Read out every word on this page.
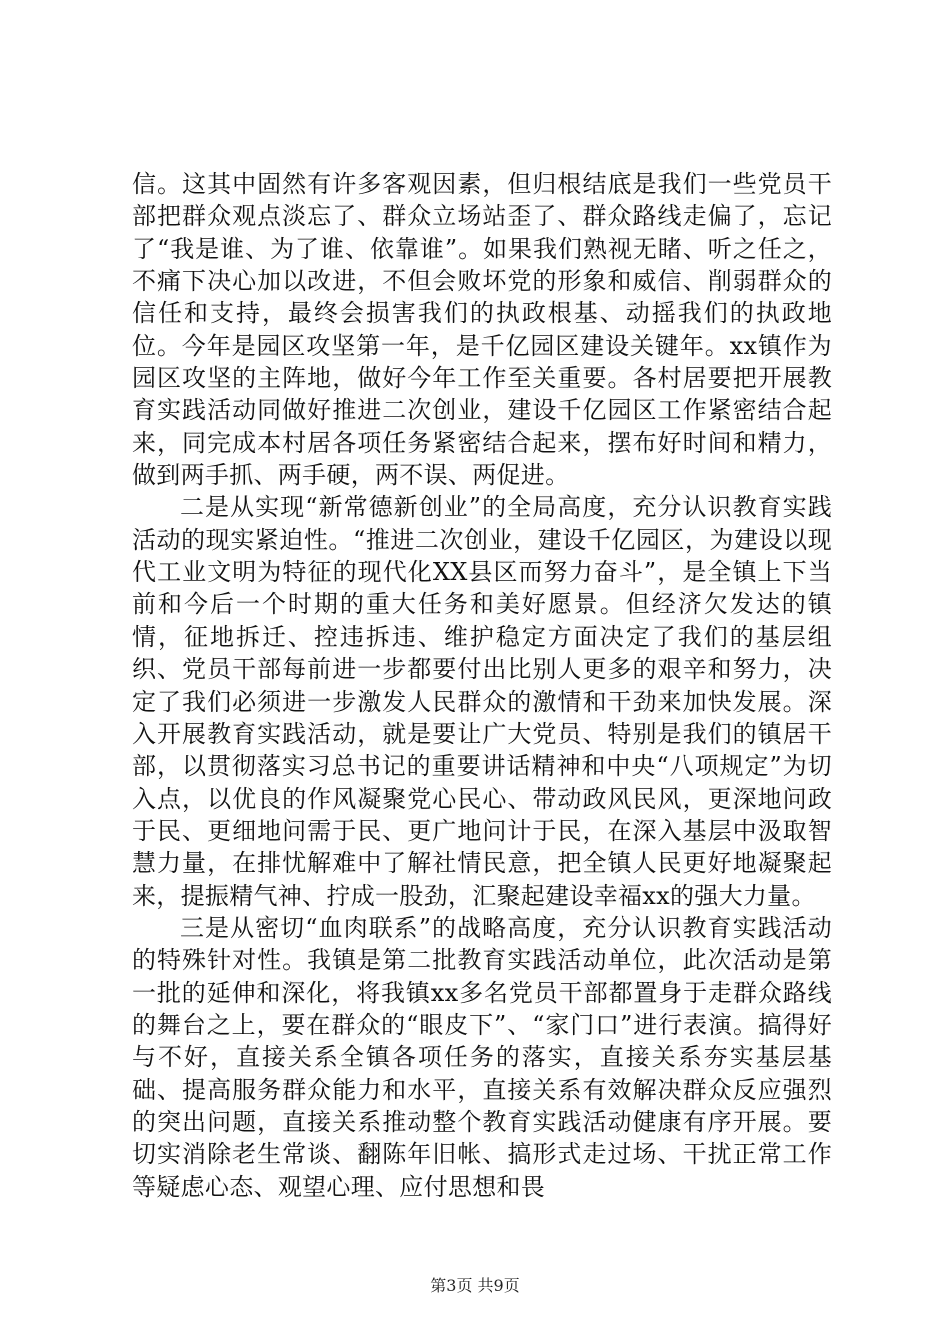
信。这其中固然有许多客观因素，但归根结底是我们一些党员干部把群众观点淡忘了、群众立场站歪了、群众路线走偏了，忘记了“我是谁、为了谁、依靠谁”。如果我们熟视无睹、听之任之，不痛下决心加以改进，不但会败坏党的形象和威信、削弱群众的信任和支持，最终会损害我们的执政根基、动摇我们的执政地位。今年是园区攻坚第一年，是千亿园区建设关键年。xx镇作为园区攻坚的主阵地，做好今年工作至关重要。各村居要把开展教育实践活动同做好推进二次创业，建设千亿园区工作紧密结合起来，同完成本村居各项任务紧密结合起来，摆布好时间和精力，做到两手抓、两手硬，两不误、两促进。

二是从实现“新常德新创业”的全局高度，充分认识教育实践活动的现实紧迫性。“推进二次创业，建设千亿园区，为建设以现代工业文明为特征的现代化XX县区而努力奋斗”，是全镇上下当前和今后一个时期的重大任务和美好愿景。但经济欠发达的镇情，征地拆迁、控违拆违、维护稳定方面决定了我们的基层组织、党员干部每前进一步都要付出比别人更多的艰辛和努力，决定了我们必须进一步激发人民群众的激情和干劲来加快发展。深入开展教育实践活动，就是要让广大党员、特别是我们的镇居干部，以贯彻落实习总书记的重要讲话精神和中央“八项规定”为切入点，以优良的作风凝聚党心民心、带动政风民风，更深地问政于民、更细地问需于民、更广地问计于民，在深入基层中汲取智慧力量，在排忧解难中了解社情民意，把全镇人民更好地凝聚起来，提振精气神、拧成一股劲，汇聚起建设幸福xx的强大力量。

三是从密切“血肉联系”的战略高度，充分认识教育实践活动的特殊针对性。我镇是第二批教育实践活动单位，此次活动是第一批的延伸和深化，将我镇xx多名党员干部都置身于走群众路线的舞台之上，要在群众的“眼皮下”、“家门口”进行表演。搞得好与不好，直接关系全镇各项任务的落实，直接关系夯实基层基础、提高服务群众能力和水平，直接关系有效解决群众反应强烈的突出问题，直接关系推动整个教育实践活动健康有序开展。要切实消除老生常谈、翻陈年旧帐、搞形式走过场、干扰正常工作等疑虑心态、观望心理、应付思想和畏

第3页 共9页
